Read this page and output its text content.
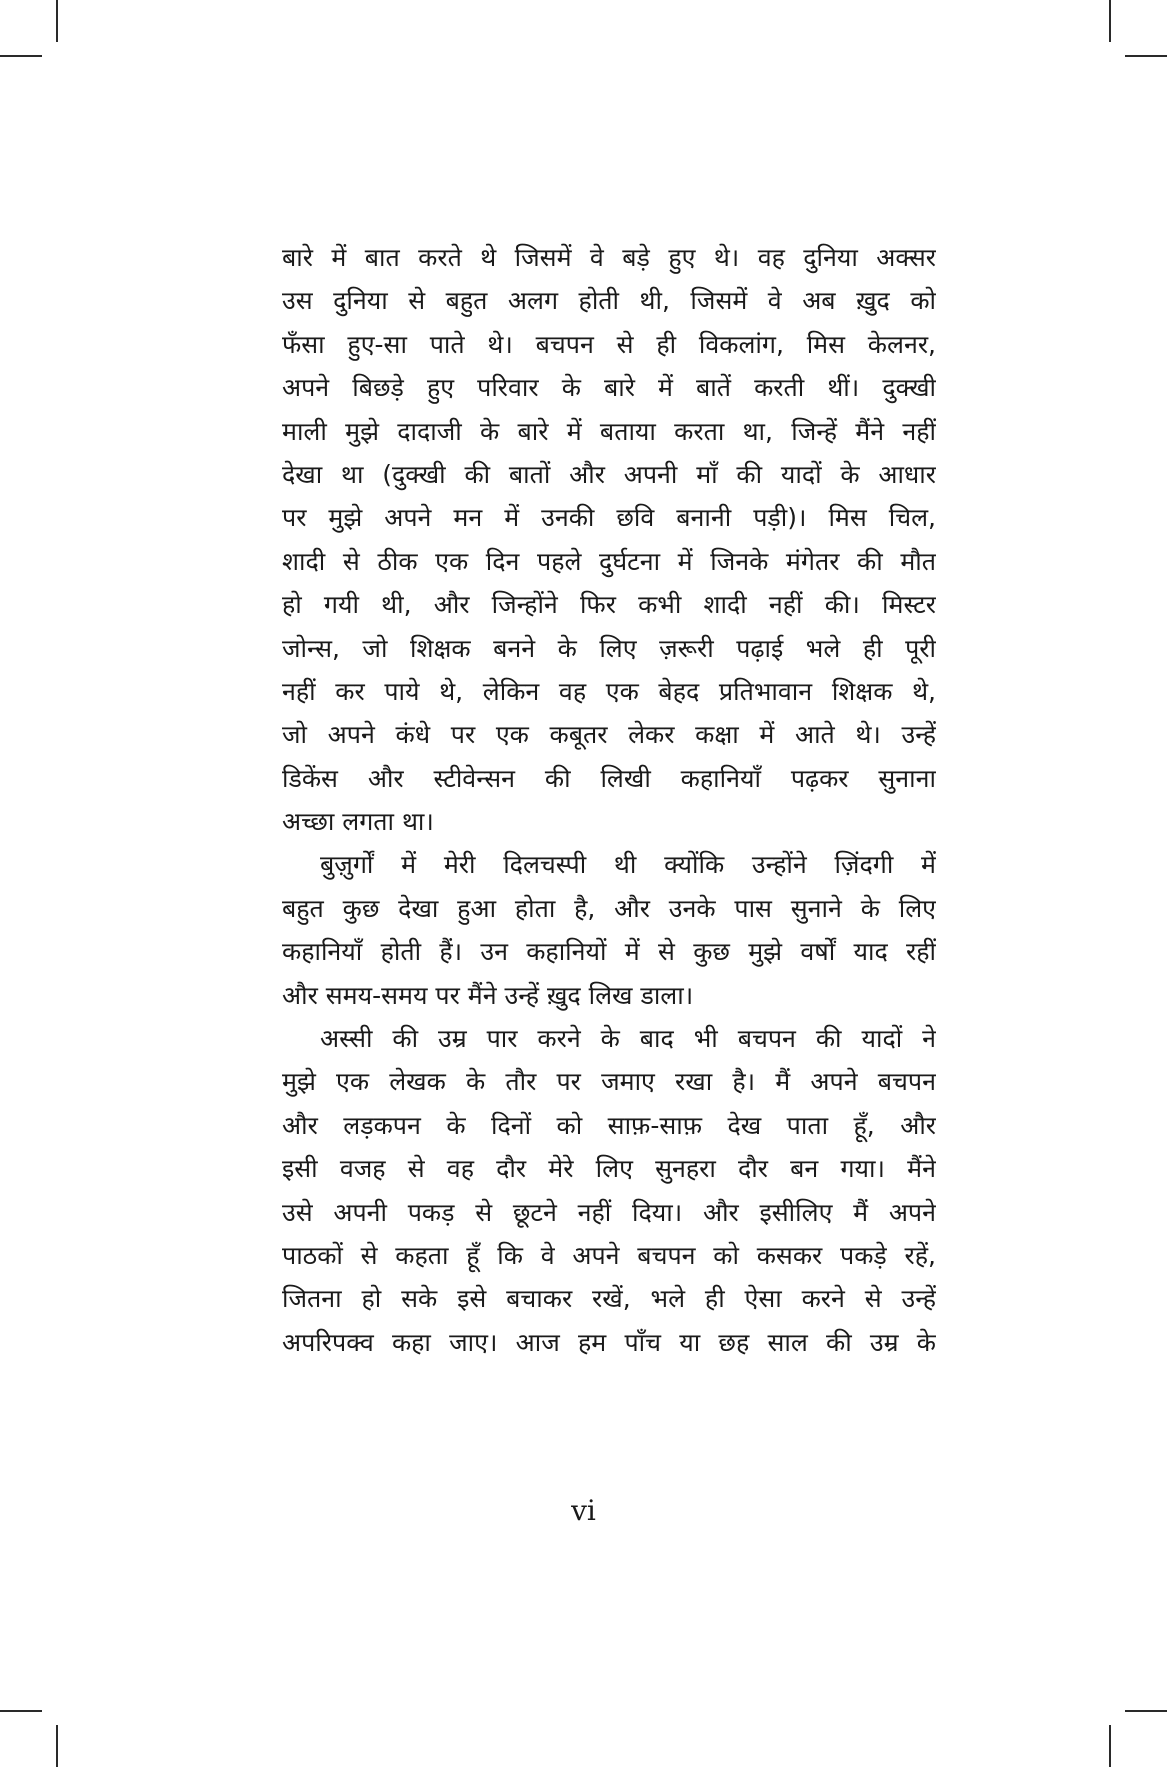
बारे में बात करते थे जिसमें वे बड़े हुए थे। वह दुनिया अक्सर
उस दुनिया से बहुत अलग होती थी, जिसमें वे अब ख़ुद को
फँसा हुए-सा पाते थे। बचपन से ही विकलांग, मिस केलनर,
अपने बिछड़े हुए परिवार के बारे में बातें करती थीं। दुक्खी
माली मुझे दादाजी के बारे में बताया करता था, जिन्हें मैंने नहीं
देखा था (दुक्खी की बातों और अपनी माँ की यादों के आधार
पर मुझे अपने मन में उनकी छवि बनानी पड़ी)। मिस चिल,
शादी से ठीक एक दिन पहले दुर्घटना में जिनके मंगेतर की मौत
हो गयी थी, और जिन्होंने फिर कभी शादी नहीं की। मिस्टर
जोन्स, जो शिक्षक बनने के लिए ज़रूरी पढ़ाई भले ही पूरी
नहीं कर पाये थे, लेकिन वह एक बेहद प्रतिभावान शिक्षक थे,
जो अपने कंधे पर एक कबूतर लेकर कक्षा में आते थे। उन्हें
डिकेंस और स्टीवेन्सन की लिखी कहानियाँ पढ़कर सुनाना
अच्छा लगता था।
बुज़ुर्गों में मेरी दिलचस्पी थी क्योंकि उन्होंने ज़िंदगी में
बहुत कुछ देखा हुआ होता है, और उनके पास सुनाने के लिए
कहानियाँ होती हैं। उन कहानियों में से कुछ मुझे वर्षों याद रहीं
और समय-समय पर मैंने उन्हें ख़ुद लिख डाला।
अस्सी की उम्र पार करने के बाद भी बचपन की यादों ने
मुझे एक लेखक के तौर पर जमाए रखा है। मैं अपने बचपन
और लड़कपन के दिनों को साफ़-साफ़ देख पाता हूँ, और
इसी वजह से वह दौर मेरे लिए सुनहरा दौर बन गया। मैंने
उसे अपनी पकड़ से छूटने नहीं दिया। और इसीलिए मैं अपने
पाठकों से कहता हूँ कि वे अपने बचपन को कसकर पकड़े रहें,
जितना हो सके इसे बचाकर रखें, भले ही ऐसा करने से उन्हें
अपरिपक्व कहा जाए। आज हम पाँच या छह साल की उम्र के
vi
